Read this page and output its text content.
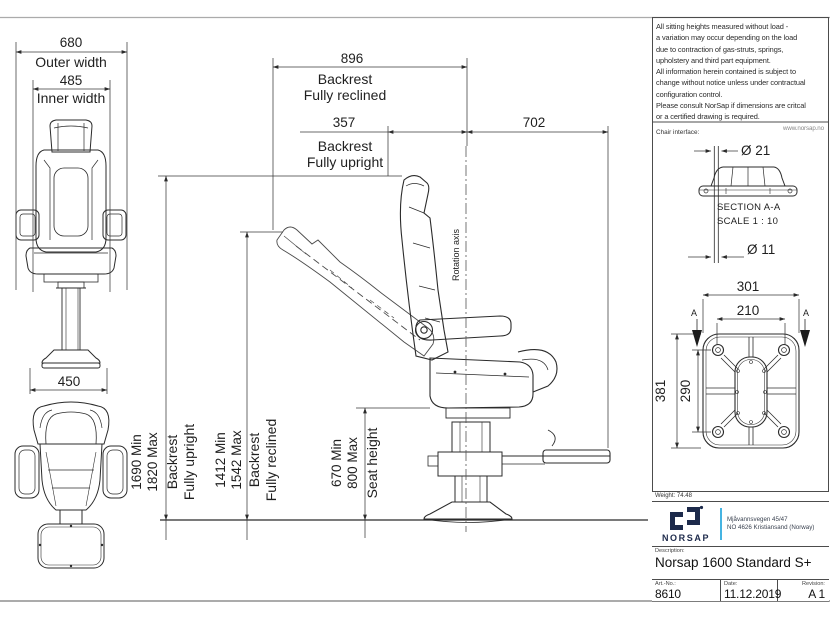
680
Outer width
485
Inner width
450
Rotation axis
896
Backrest
Fully reclined
357
Backrest
Fully upright
702
1690 Min 1820 Max Backrest Fully upright 1412 Min 1542 Max Backrest Fully reclined	670 Min 800 Max Seat height
Ø 21
SECTION A-A
SCALE 1 : 10
Ø 11
301
210
A	A
381 290
All sitting heights measured without load -
a variation may occur depending on the load
due to contraction of gas-struts, springs,
upholstery and third part equipment.
All information herein contained is subject to
change without notice unless under contractual
configuration control.
Please consult NorSap if dimensions are critcal
or a certified drawing is required.
www.norsap.no
Chair interface:
Weight: 74.48
NORSAP
Mjåvannsvegen 45/47
NO 4626 Kristiansand (Norway)
Description:
Norsap 1600 Standard S+
Art.-No.:
8610
Date:
11.12.2019
Revision:
A 1
